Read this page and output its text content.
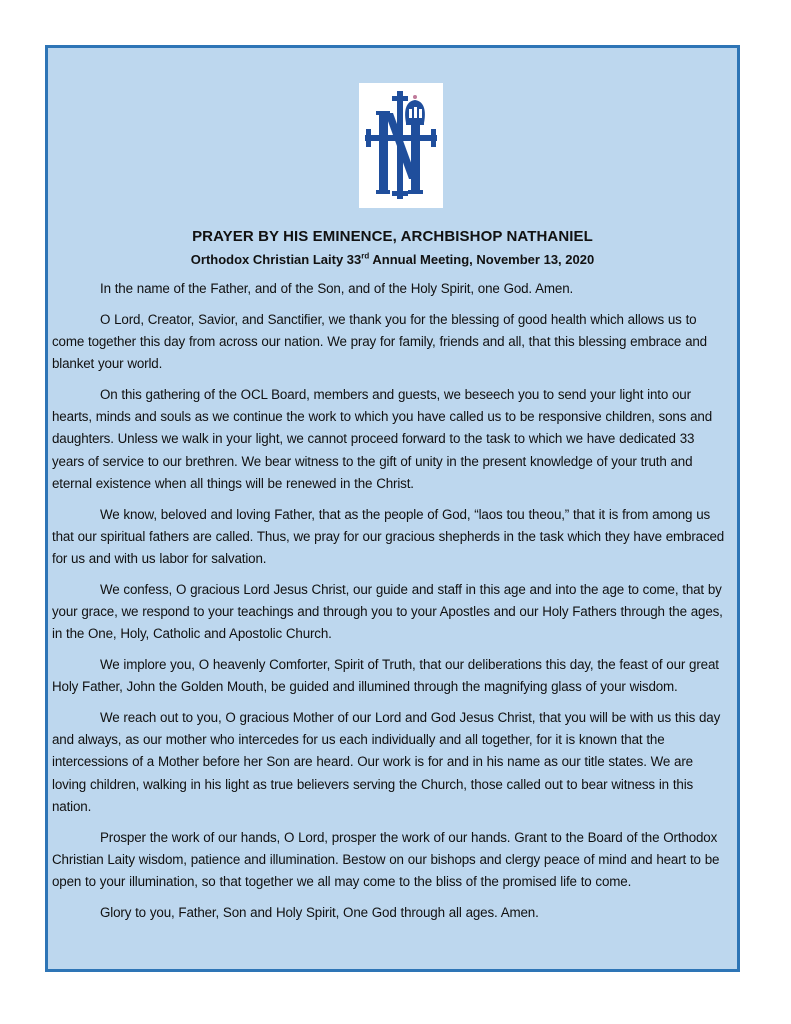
PRAYER BY HIS EMINENCE, ARCHBISHOP NATHANIEL
Orthodox Christian Laity 33rd Annual Meeting, November 13, 2020

In the name of the Father, and of the Son, and of the Holy Spirit, one God. Amen.

O Lord, Creator, Savior, and Sanctifier, we thank you for the blessing of good health which allows us to come together this day from across our nation. We pray for family, friends and all, that this blessing embrace and blanket your world.

On this gathering of the OCL Board, members and guests, we beseech you to send your light into our hearts, minds and souls as we continue the work to which you have called us to be responsive children, sons and daughters. Unless we walk in your light, we cannot proceed forward to the task to which we have dedicated 33 years of service to our brethren. We bear witness to the gift of unity in the present knowledge of your truth and eternal existence when all things will be renewed in the Christ.

We know, beloved and loving Father, that as the people of God, “laos tou theou,” that it is from among us that our spiritual fathers are called. Thus, we pray for our gracious shepherds in the task which they have embraced for us and with us labor for salvation.

We confess, O gracious Lord Jesus Christ, our guide and staff in this age and into the age to come, that by your grace, we respond to your teachings and through you to your Apostles and our Holy Fathers through the ages, in the One, Holy, Catholic and Apostolic Church.

We implore you, O heavenly Comforter, Spirit of Truth, that our deliberations this day, the feast of our great Holy Father, John the Golden Mouth, be guided and illumined through the magnifying glass of your wisdom.

We reach out to you, O gracious Mother of our Lord and God Jesus Christ, that you will be with us this day and always, as our mother who intercedes for us each individually and all together, for it is known that the intercessions of a Mother before her Son are heard. Our work is for and in his name as our title states. We are loving children, walking in his light as true believers serving the Church, those called out to bear witness in this nation.

Prosper the work of our hands, O Lord, prosper the work of our hands. Grant to the Board of the Orthodox Christian Laity wisdom, patience and illumination. Bestow on our bishops and clergy peace of mind and heart to be open to your illumination, so that together we all may come to the bliss of the promised life to come.

Glory to you, Father, Son and Holy Spirit, One God through all ages. Amen.
